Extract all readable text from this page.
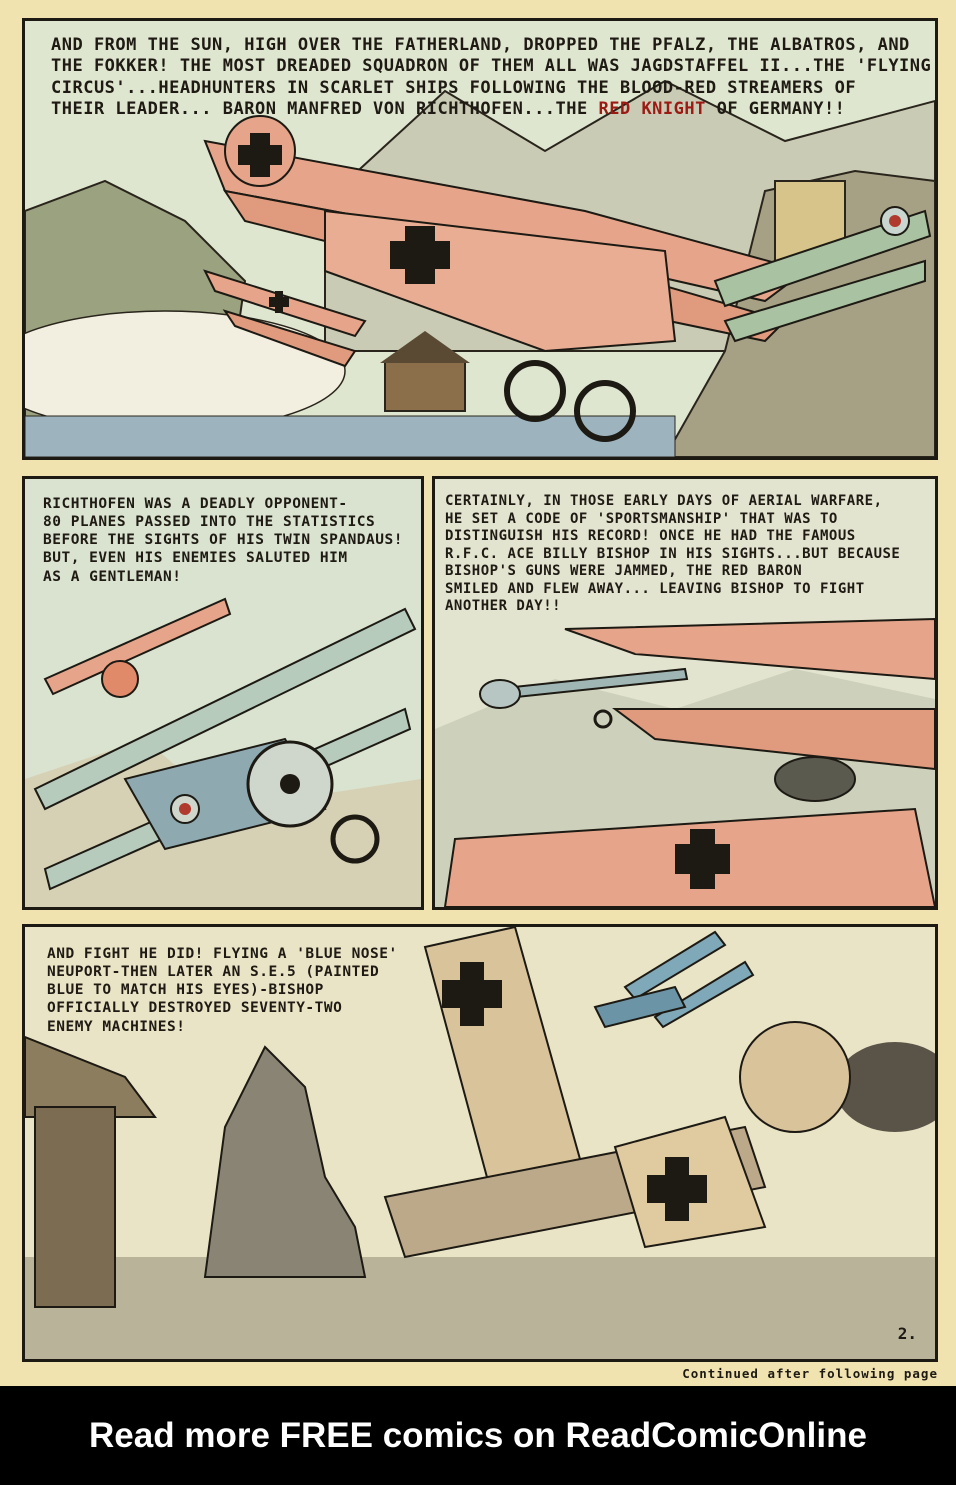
AND FROM THE SUN, HIGH OVER THE FATHERLAND, DROPPED THE PFALZ, THE ALBATROS, AND
THE FOKKER! THE MOST DREADED SQUADRON OF THEM ALL WAS JAGDSTAFFEL II...THE 'FLYING
CIRCUS'...HEADHUNTERS IN SCARLET SHIPS FOLLOWING THE BLOOD-RED STREAMERS OF
THEIR LEADER... BARON MANFRED VON RICHTHOFEN...THE RED KNIGHT OF GERMANY!!
RICHTHOFEN WAS A DEADLY OPPONENT-
80 PLANES PASSED INTO THE STATISTICS
BEFORE THE SIGHTS OF HIS TWIN SPANDAUS!
BUT, EVEN HIS ENEMIES SALUTED HIM
AS A GENTLEMAN!
CERTAINLY, IN THOSE EARLY DAYS OF AERIAL WARFARE,
HE SET A CODE OF 'SPORTSMANSHIP' THAT WAS TO
DISTINGUISH HIS RECORD! ONCE HE HAD THE FAMOUS
R.F.C. ACE BILLY BISHOP IN HIS SIGHTS...BUT BECAUSE
BISHOP'S GUNS WERE JAMMED, THE RED BARON
SMILED AND FLEW AWAY... LEAVING BISHOP TO FIGHT
ANOTHER DAY!!
AND FIGHT HE DID! FLYING A 'BLUE NOSE'
NEUPORT-THEN LATER AN S.E.5 (PAINTED
BLUE TO MATCH HIS EYES)-BISHOP
OFFICIALLY DESTROYED SEVENTY-TWO
ENEMY MACHINES!
2.
Continued after following page
Read more FREE comics on ReadComicOnline
